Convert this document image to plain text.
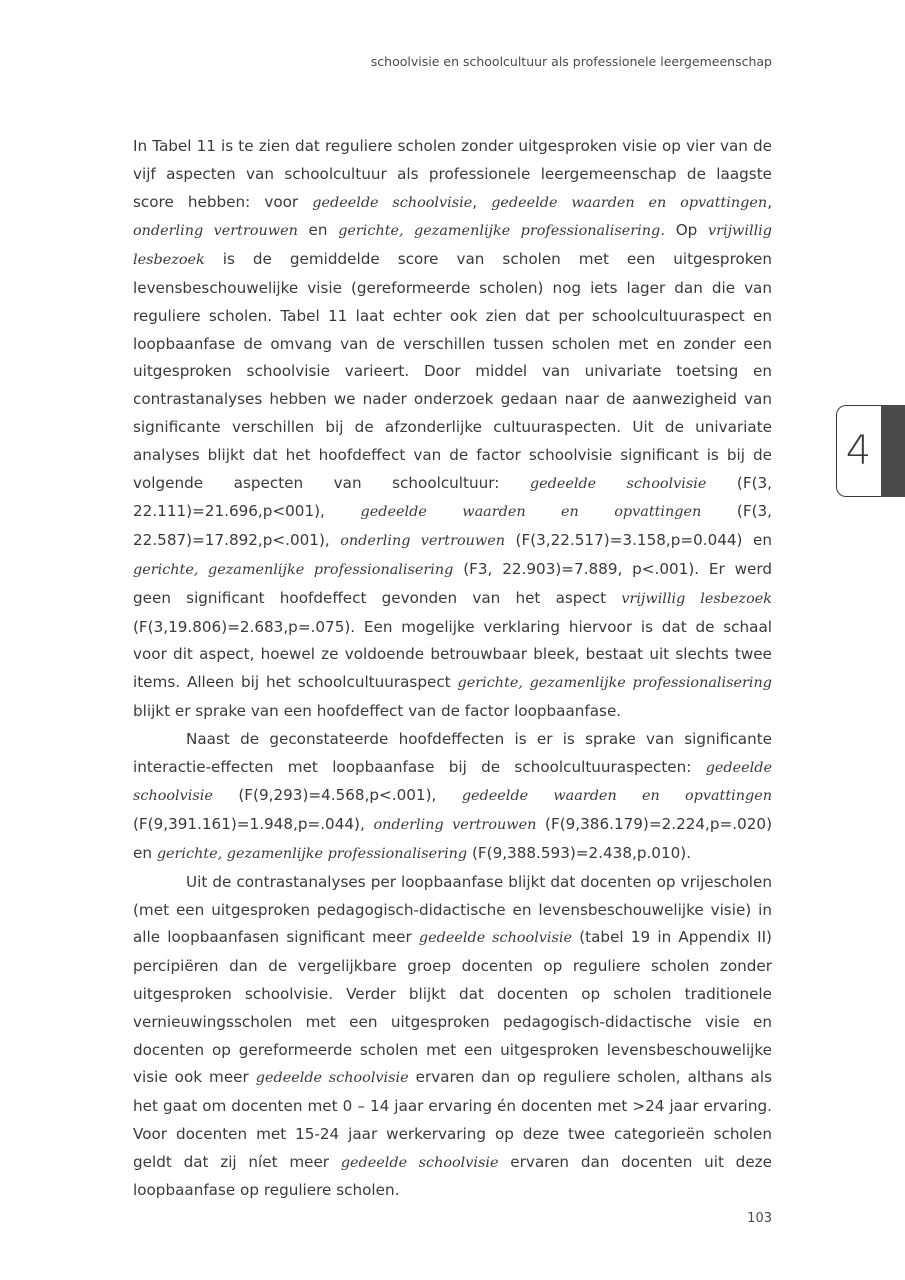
schoolvisie en schoolcultuur als professionele leergemeenschap

In Tabel 11 is te zien dat reguliere scholen zonder uitgesproken visie op vier van de vijf aspecten van schoolcultuur als professionele leergemeenschap de laagste score hebben: voor gedeelde schoolvisie, gedeelde waarden en opvattingen, onderling vertrouwen en gerichte, gezamenlijke professionalisering. Op vrijwillig lesbezoek is de gemiddelde score van scholen met een uitgesproken levensbeschouwelijke visie (gereformeerde scholen) nog iets lager dan die van reguliere scholen. Tabel 11 laat echter ook zien dat per schoolcultuuraspect en loopbaanfase de omvang van de verschillen tussen scholen met en zonder een uitgesproken schoolvisie varieert. Door middel van univariate toetsing en contrastanalyses hebben we nader onderzoek gedaan naar de aanwezigheid van significante verschillen bij de afzonderlijke cultuuraspecten. Uit de univariate analyses blijkt dat het hoofdeffect van de factor schoolvisie significant is bij de volgende aspecten van schoolcultuur: gedeelde schoolvisie (F(3, 22.111)=21.696,p<001), gedeelde waarden en opvattingen (F(3, 22.587)=17.892,p<.001), onderling vertrouwen (F(3,22.517)=3.158,p=0.044) en gerichte, gezamenlijke professionalisering (F3, 22.903)=7.889, p<.001). Er werd geen significant hoofdeffect gevonden van het aspect vrijwillig lesbezoek (F(3,19.806)=2.683,p=.075). Een mogelijke verklaring hiervoor is dat de schaal voor dit aspect, hoewel ze voldoende betrouwbaar bleek, bestaat uit slechts twee items. Alleen bij het schoolcultuuraspect gerichte, gezamenlijke professionalisering blijkt er sprake van een hoofdeffect van de factor loopbaanfase.

Naast de geconstateerde hoofdeffecten is er is sprake van significante interactie-effecten met loopbaanfase bij de schoolcultuuraspecten: gedeelde schoolvisie (F(9,293)=4.568,p<.001), gedeelde waarden en opvattingen (F(9,391.161)=1.948,p=.044), onderling vertrouwen (F(9,386.179)=2.224,p=.020) en gerichte, gezamenlijke professionalisering (F(9,388.593)=2.438,p.010).

Uit de contrastanalyses per loopbaanfase blijkt dat docenten op vrijescholen (met een uitgesproken pedagogisch-didactische en levensbeschouwelijke visie) in alle loopbaanfasen significant meer gedeelde schoolvisie (tabel 19 in Appendix II) percipiëren dan de vergelijkbare groep docenten op reguliere scholen zonder uitgesproken schoolvisie. Verder blijkt dat docenten op scholen traditionele vernieuwingsscholen met een uitgesproken pedagogisch-didactische visie en docenten op gereformeerde scholen met een uitgesproken levensbeschouwelijke visie ook meer gedeelde schoolvisie ervaren dan op reguliere scholen, althans als het gaat om docenten met 0 – 14 jaar ervaring én docenten met >24 jaar ervaring. Voor docenten met 15-24 jaar werkervaring op deze twee categorieën scholen geldt dat zij níet meer gedeelde schoolvisie ervaren dan docenten uit deze loopbaanfase op reguliere scholen.

4
103
